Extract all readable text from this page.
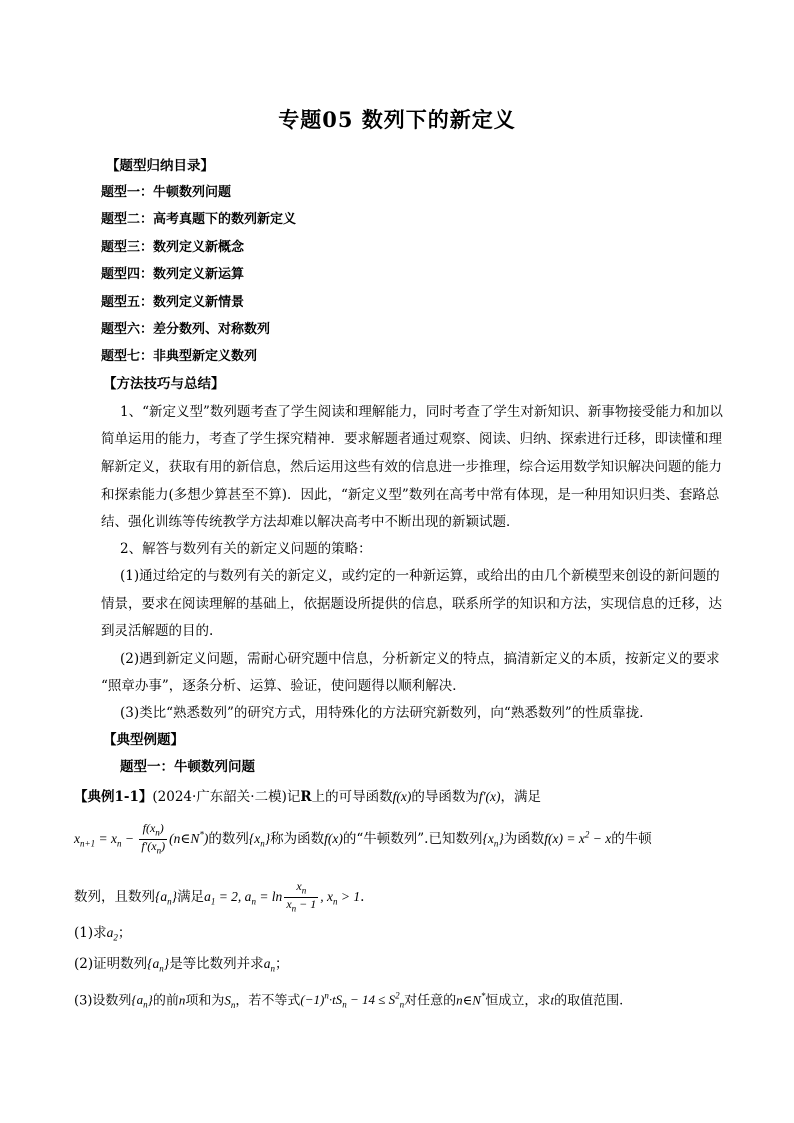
专题05 数列下的新定义
【题型归纳目录】
题型一：牛顿数列问题
题型二：高考真题下的数列新定义
题型三：数列定义新概念
题型四：数列定义新运算
题型五：数列定义新情景
题型六：差分数列、对称数列
题型七：非典型新定义数列
【方法技巧与总结】
1、“新定义型”数列题考查了学生阅读和理解能力，同时考查了学生对新知识、新事物接受能力和加以
简单运用的能力，考查了学生探究精神．要求解题者通过观察、阅读、归纳、探索进行迁移，即读懂和理
解新定义，获取有用的新信息，然后运用这些有效的信息进一步推理，综合运用数学知识解决问题的能力
和探索能力(多想少算甚至不算)．因此，“新定义型”数列在高考中常有体现，是一种用知识归类、套路总
结、强化训练等传统教学方法却难以解决高考中不断出现的新颖试题．
2、解答与数列有关的新定义问题的策略：
(1)通过给定的与数列有关的新定义，或约定的一种新运算，或给出的由几个新模型来创设的新问题的
情景，要求在阅读理解的基础上，依据题设所提供的信息，联系所学的知识和方法，实现信息的迁移，达
到灵活解题的目的.
(2)遇到新定义问题，需耐心研究题中信息，分析新定义的特点，搞清新定义的本质，按新定义的要求
“照章办事”，逐条分析、运算、验证，使问题得以顺利解决．
(3)类比“熟悉数列”的研究方式，用特殊化的方法研究新数列，向“熟悉数列”的性质靠拢．
【典型例题】
题型一：牛顿数列问题
【典例1-1】(2024·广东韶关·二模)记R上的可导函数f(x)的导函数为f′(x)，满足
$x_{n+1} = x_n - \frac{f(x_n)}{f'(x_n)}$ (n∈N*)的数列$\{x_n\}$称为函数f(x)的“牛顿数列”.已知数列$\{x_n\}$为函数$f(x) = x^2 - x$的牛顿
数列，且数列$\{a_n\}$满足$a_1 = 2$, $a_n = \ln \frac{x_n}{x_n - 1}$ , $x_n > 1$.
(1)求$a_2$；
(2)证明数列$\{a_n\}$是等比数列并求$a_n$；
(3)设数列$\{a_n\}$的前n项和为$S_n$，若不等式$(-1)^n\cdot tS_n - 14 \le S^2_n$对任意的n∈N*恒成立，求t的取值范围.
